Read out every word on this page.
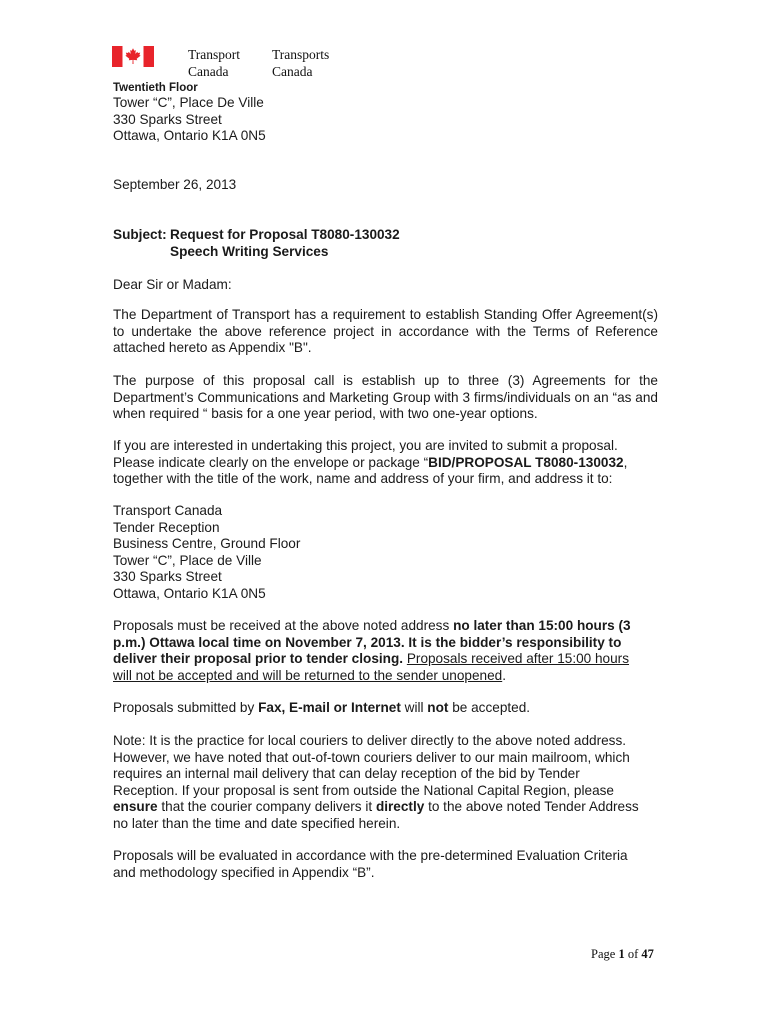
Transport
Canada
Transports
Canada
Twentieth Floor
Tower “C”, Place De Ville
330 Sparks Street
Ottawa, Ontario K1A 0N5
September 26, 2013
Subject: Request for Proposal T8080-130032
Speech Writing Services
Dear Sir or Madam:
The Department of Transport has a requirement to establish Standing Offer Agreement(s)
to undertake the above reference project in accordance with the Terms of Reference
attached hereto as Appendix "B".
The purpose of this proposal call is establish up to three (3) Agreements for the
Department’s Communications and Marketing Group with 3 firms/individuals on an “as and
when required “ basis for a one year period, with two one-year options.
If you are interested in undertaking this project, you are invited to submit a proposal.
Please indicate clearly on the envelope or package “BID/PROPOSAL T8080-130032,
together with the title of the work, name and address of your firm, and address it to:
Transport Canada
Tender Reception
Business Centre, Ground Floor
Tower “C”, Place de Ville
330 Sparks Street
Ottawa, Ontario K1A 0N5
Proposals must be received at the above noted address no later than 15:00 hours (3
p.m.) Ottawa local time on November 7, 2013. It is the bidder’s responsibility to
deliver their proposal prior to tender closing. Proposals received after 15:00 hours
will not be accepted and will be returned to the sender unopened.
Proposals submitted by Fax, E-mail or Internet will not be accepted.
Note: It is the practice for local couriers to deliver directly to the above noted address.
However, we have noted that out-of-town couriers deliver to our main mailroom, which
requires an internal mail delivery that can delay reception of the bid by Tender
Reception. If your proposal is sent from outside the National Capital Region, please
ensure that the courier company delivers it directly to the above noted Tender Address
no later than the time and date specified herein.
Proposals will be evaluated in accordance with the pre-determined Evaluation Criteria
and methodology specified in Appendix “B”.
Page 1 of 47
